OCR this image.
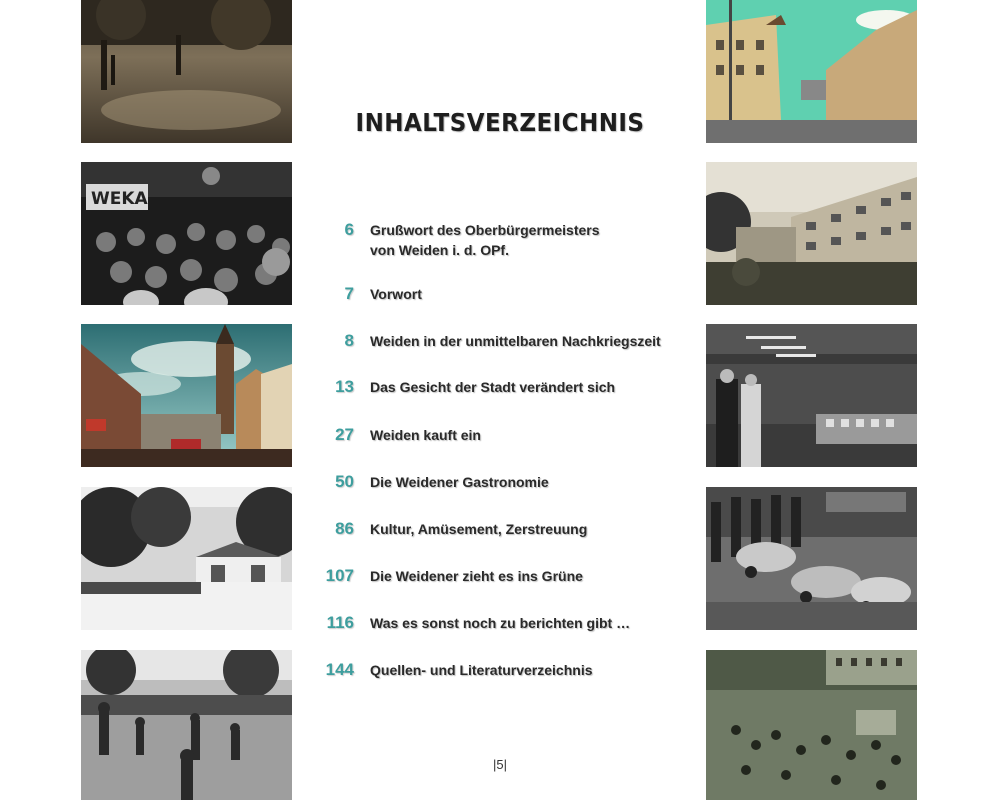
WEKA
INHALTSVERZEICHNIS
6 Grußwort des Oberbürgermeisters
von Weiden i. d. OPf.
7 Vorwort
8 Weiden in der unmittelbaren Nachkriegszeit
13 Das Gesicht der Stadt verändert sich
27 Weiden kauft ein
50 Die Weidener Gastronomie
86 Kultur, Amüsement, Zerstreuung
107 Die Weidener zieht es ins Grüne
116 Was es sonst noch zu berichten gibt …
144 Quellen- und Literaturverzeichnis
|5|
